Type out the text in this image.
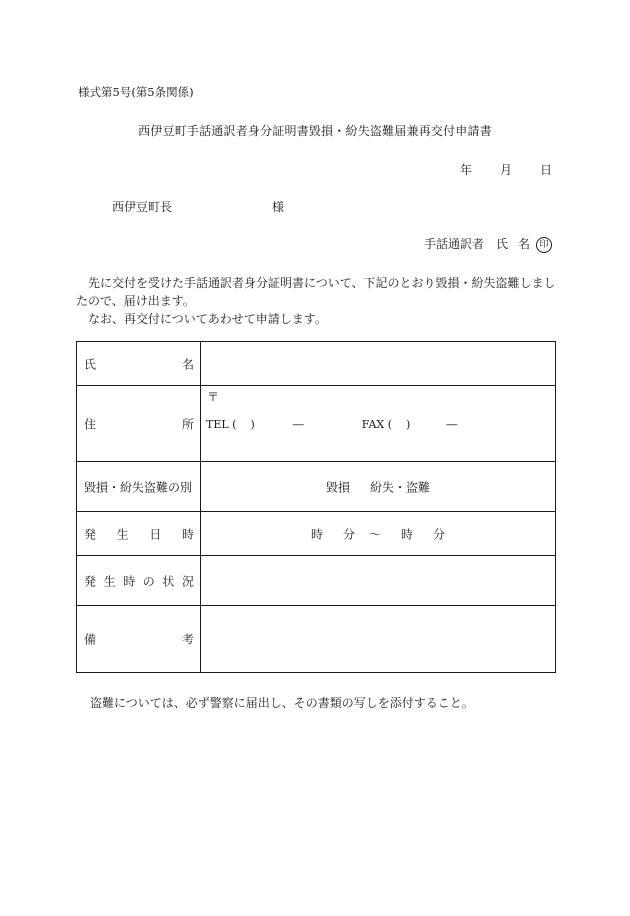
様式第5号(第5条関係)
西伊豆町手話通訳者身分証明書毀損・紛失盗難届兼再交付申請書
年 月 日
西伊豆町長	様
手話通訳者 氏 名 印

　先に交付を受けた手話通訳者身分証明書について、下記のとおり毀損・紛失盗難しまし

たので、届け出ます。

　なお、再交付についてあわせて申請します。

氏	名
住	所
〒
TEL ( )	―	FAX ( )	―
毀損・紛失盗難の別	毀損 紛失・盗難
発 生 日 時	時 分 ～ 時 分
発 生 時 の 状 況
備	考
盗難については、必ず警察に届出し、その書類の写しを添付すること。
